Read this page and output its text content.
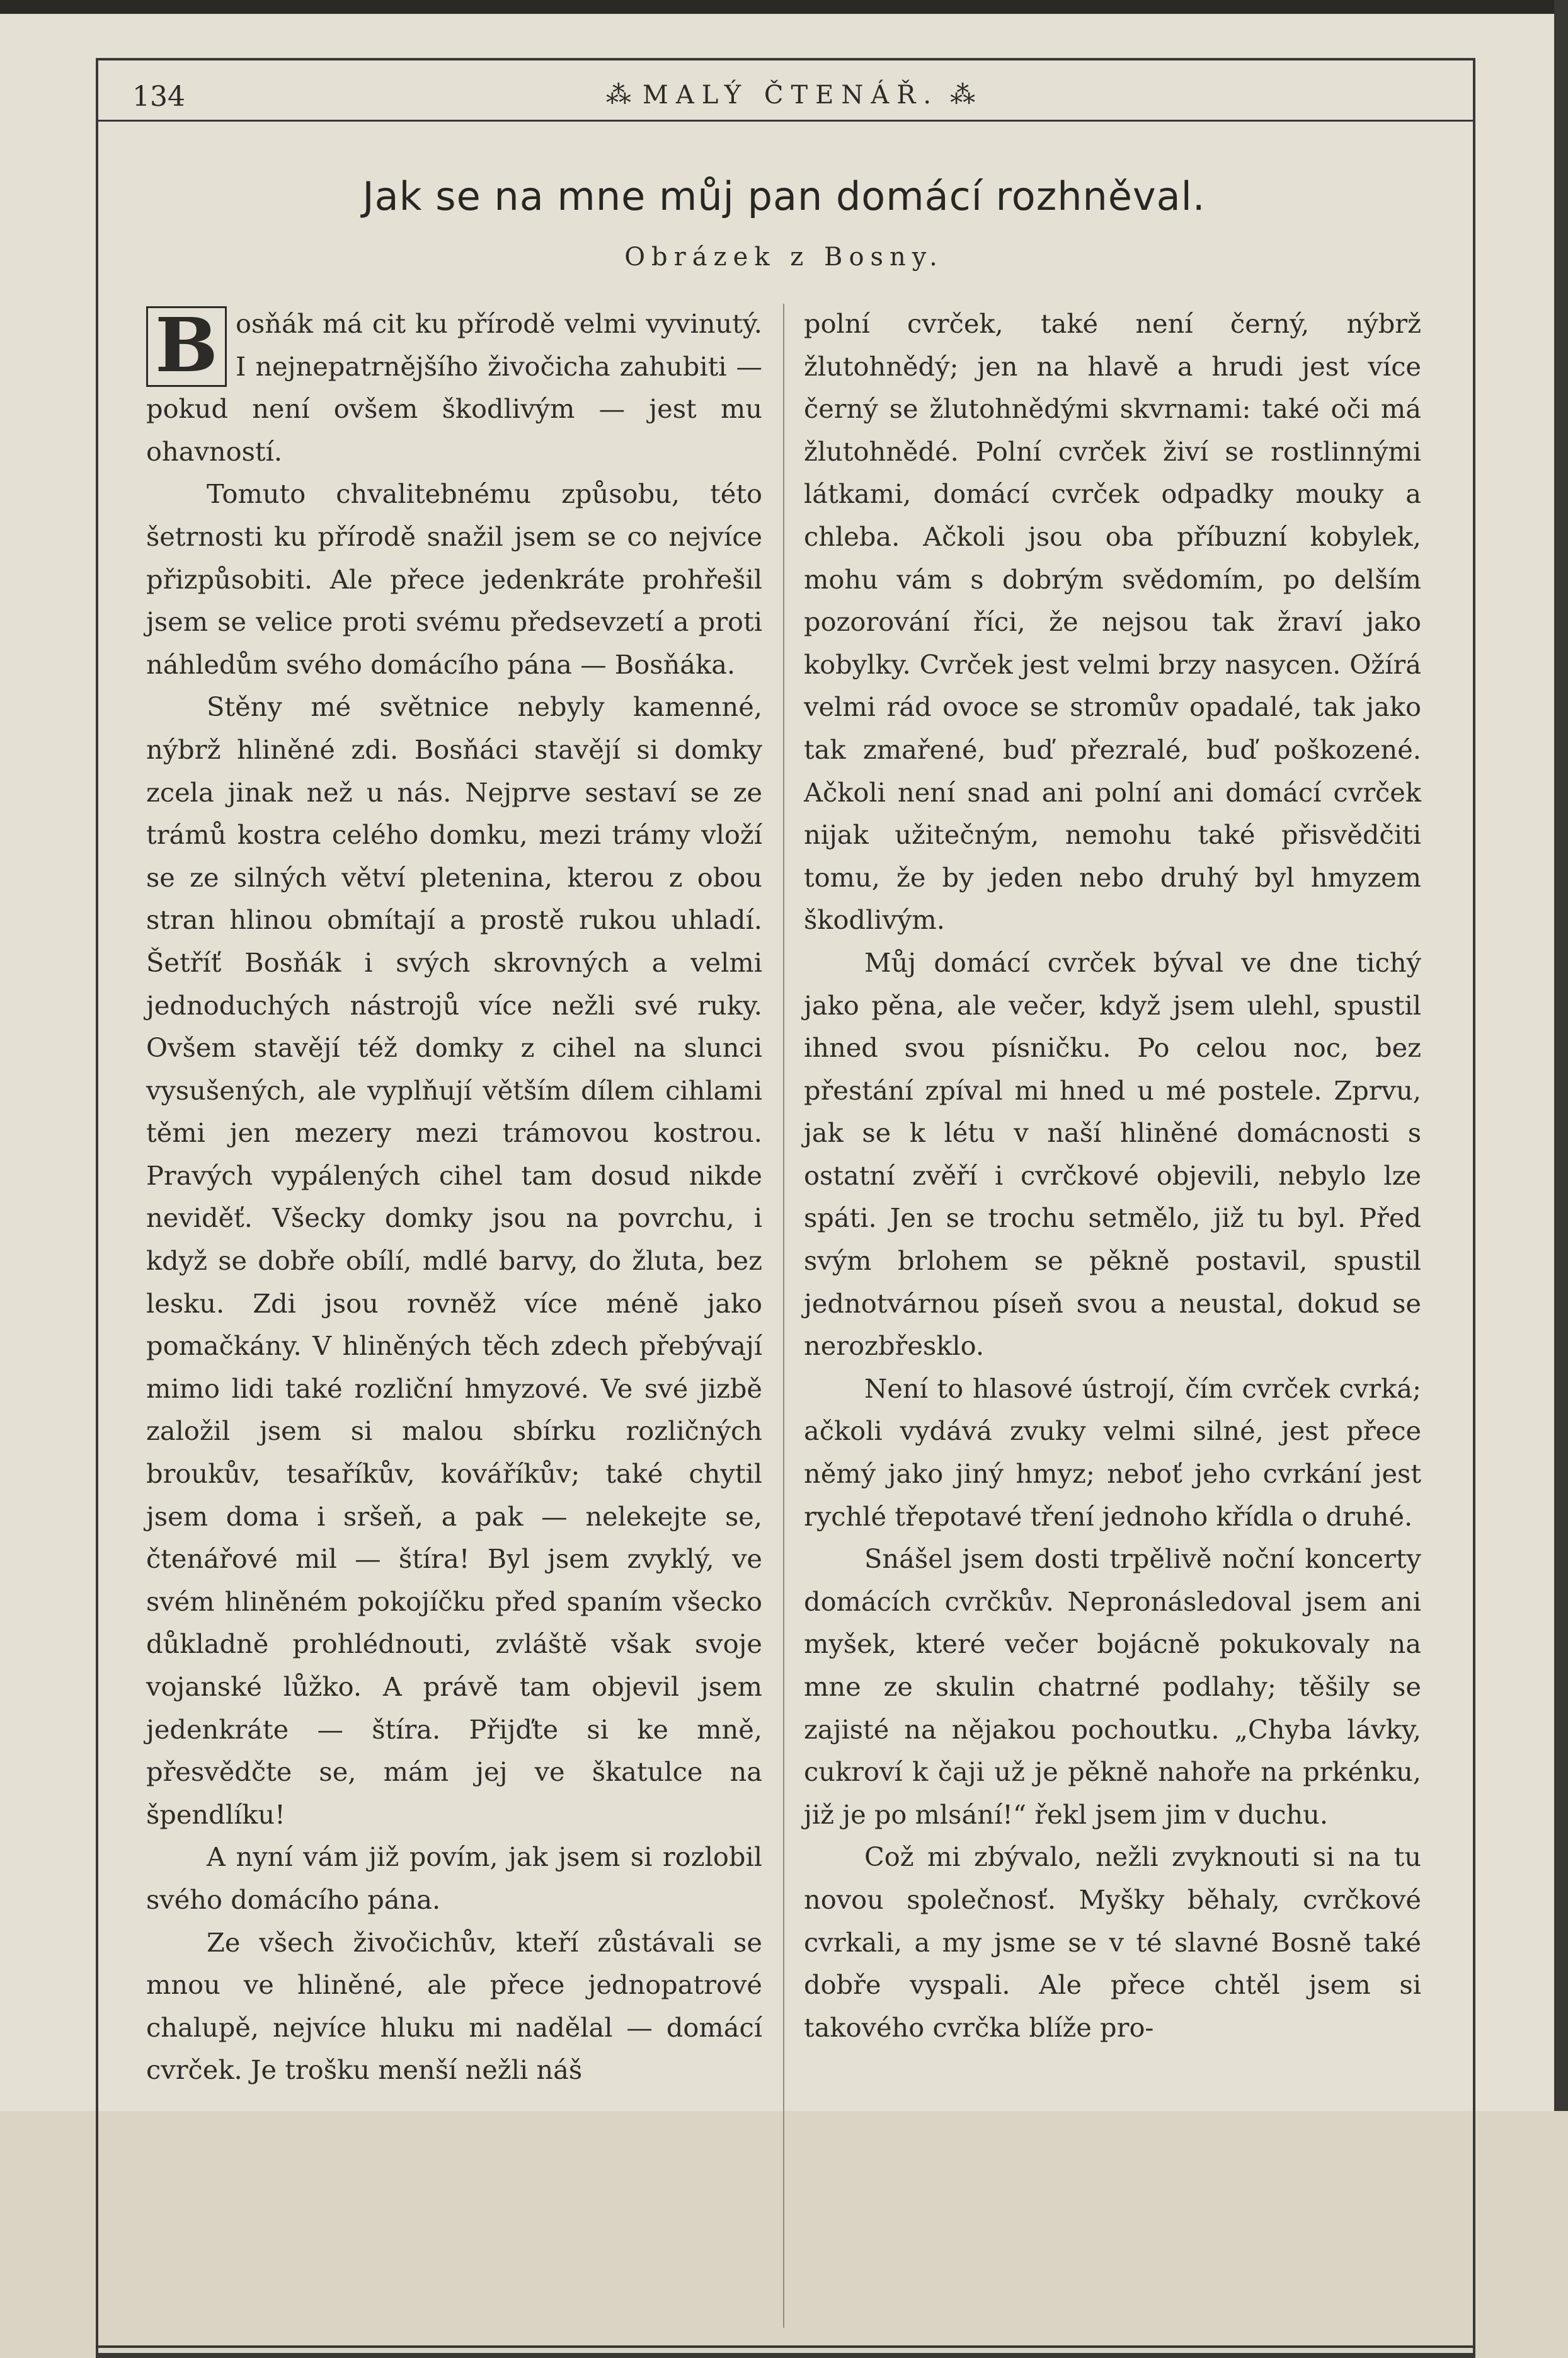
134	⁂ MALÝ ČTENÁŘ. ⁂
Jak se na mne můj pan domácí rozhněval.
Obrázek z Bosny.

B osňák má cit ku přírodě velmi vyvinutý. I nejnepatrnějšího živočicha zahubiti — pokud není ovšem škodlivým — jest mu ohavností.

Tomuto chvalitebnému způsobu, této šetrnosti ku přírodě snažil jsem se co nejvíce přizpůsobiti. Ale přece jedenkráte prohřešil jsem se velice proti svému předsevzetí a proti náhledům svého domácího pána — Bosňáka.

Stěny mé světnice nebyly kamenné, nýbrž hliněné zdi. Bosňáci stavějí si domky zcela jinak než u nás. Nejprve sestaví se ze trámů kostra celého domku, mezi trámy vloží se ze silných větví pletenina, kterou z obou stran hlinou obmítají a prostě rukou uhladí. Šetříť Bosňák i svých skrovných a velmi jednoduchých nástrojů více nežli své ruky. Ovšem stavějí též domky z cihel na slunci vysušených, ale vyplňují větším dílem cihlami těmi jen mezery mezi trámovou kostrou. Pravých vypálených cihel tam dosud nikde neviděť. Všecky domky jsou na povrchu, i když se dobře obílí, mdlé barvy, do žluta, bez lesku. Zdi jsou rovněž více méně jako pomačkány. V hliněných těch zdech přebývají mimo lidi také rozliční hmyzové. Ve své jizbě založil jsem si malou sbírku rozličných broukův, tesaříkův, kováříkův; také chytil jsem doma i sršeň, a pak — nelekejte se, čtenářové mil — štíra! Byl jsem zvyklý, ve svém hliněném pokojíčku před spaním všecko důkladně prohlédnouti, zvláště však svoje vojanské lůžko. A právě tam objevil jsem jedenkráte — štíra. Přijďte si ke mně, přesvědčte se, mám jej ve škatulce na špendlíku!

A nyní vám již povím, jak jsem si rozlobil svého domácího pána.

Ze všech živočichův, kteří zůstávali se mnou ve hliněné, ale přece jednopatrové chalupě, nejvíce hluku mi nadělal — domácí cvrček. Je trošku menší nežli náš

polní cvrček, také není černý, nýbrž žlutohnědý; jen na hlavě a hrudi jest více černý se žlutohnědými skvrnami: také oči má žlutohnědé. Polní cvrček živí se rostlinnými látkami, domácí cvrček odpadky mouky a chleba. Ačkoli jsou oba příbuzní kobylek, mohu vám s dobrým svědomím, po delším pozorování říci, že nejsou tak žraví jako kobylky. Cvrček jest velmi brzy nasycen. Ožírá velmi rád ovoce se stromův opadalé, tak jako tak zmařené, buď přezralé, buď poškozené. Ačkoli není snad ani polní ani domácí cvrček nijak užitečným, nemohu také přisvědčiti tomu, že by jeden nebo druhý byl hmyzem škodlivým.

Můj domácí cvrček býval ve dne tichý jako pěna, ale večer, když jsem ulehl, spustil ihned svou písničku. Po celou noc, bez přestání zpíval mi hned u mé postele. Zprvu, jak se k létu v naší hliněné domácnosti s ostatní zvěří i cvrčkové objevili, nebylo lze spáti. Jen se trochu setmělo, již tu byl. Před svým brlohem se pěkně postavil, spustil jednotvárnou píseň svou a neustal, dokud se nerozbřesklo.

Není to hlasové ústrojí, čím cvrček cvrká; ačkoli vydává zvuky velmi silné, jest přece němý jako jiný hmyz; neboť jeho cvrkání jest rychlé třepotavé tření jednoho křídla o druhé.

Snášel jsem dosti trpělivě noční koncerty domácích cvrčkův. Nepronásledoval jsem ani myšek, které večer bojácně pokukovaly na mne ze skulin chatrné podlahy; těšily se zajisté na nějakou pochoutku. „Chyba lávky, cukroví k čaji už je pěkně nahoře na prkénku, již je po mlsání!“ řekl jsem jim v duchu.

Což mi zbývalo, nežli zvyknouti si na tu novou společnosť. Myšky běhaly, cvrčkové cvrkali, a my jsme se v té slavné Bosně také dobře vyspali. Ale přece chtěl jsem si takového cvrčka blíže pro-
